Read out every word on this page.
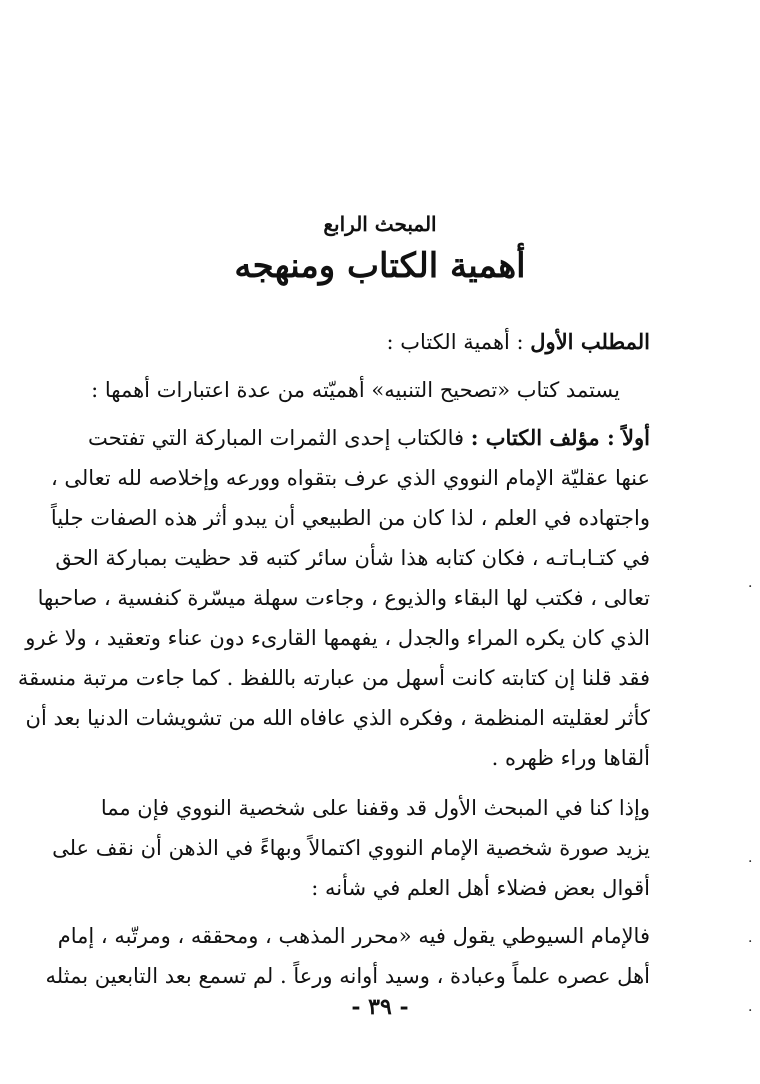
المبحث الرابع
أهمية الكتاب ومنهجه
المطلب الأول : أهمية الكتاب :
يستمد كتاب «تصحيح التنبيه» أهميّته من عدة اعتبارات أهمها :
أولاً : مؤلف الكتاب : فالكتاب إحدى الثمرات المباركة التي تفتحت
عنها عقليّة الإمام النووي الذي عرف بتقواه وورعه وإخلاصه لله تعالى ،
واجتهاده في العلم ، لذا كان من الطبيعي أن يبدو أثر هذه الصفات جلياً
في كتـابـاتـه ، فكان كتابه هذا شأن سائر كتبه قد حظيت بمباركة الحق
تعالى ، فكتب لها البقاء والذيوع ، وجاءت سهلة ميسّرة كنفسية ، صاحبها
الذي كان يكره المراء والجدل ، يفهمها القارىء دون عناء وتعقيد ، ولا غرو
فقد قلنا إن كتابته كانت أسهل من عبارته باللفظ . كما جاءت مرتبة منسقة
كأثر لعقليته المنظمة ، وفكره الذي عافاه الله من تشويشات الدنيا بعد أن
ألقاها وراء ظهره .
وإذا كنا في المبحث الأول قد وقفنا على شخصية النووي فإن مما
يزيد صورة شخصية الإمام النووي اكتمالاً وبهاءً في الذهن أن نقف على
أقوال بعض فضلاء أهل العلم في شأنه :
فالإمام السيوطي يقول فيه «محرر المذهب ، ومحققه ، ومرتّبه ، إمام
أهل عصره علماً وعبادة ، وسيد أوانه ورعاً . لم تسمع بعد التابعين بمثله
- ٣٩ -
·
·
·
·
